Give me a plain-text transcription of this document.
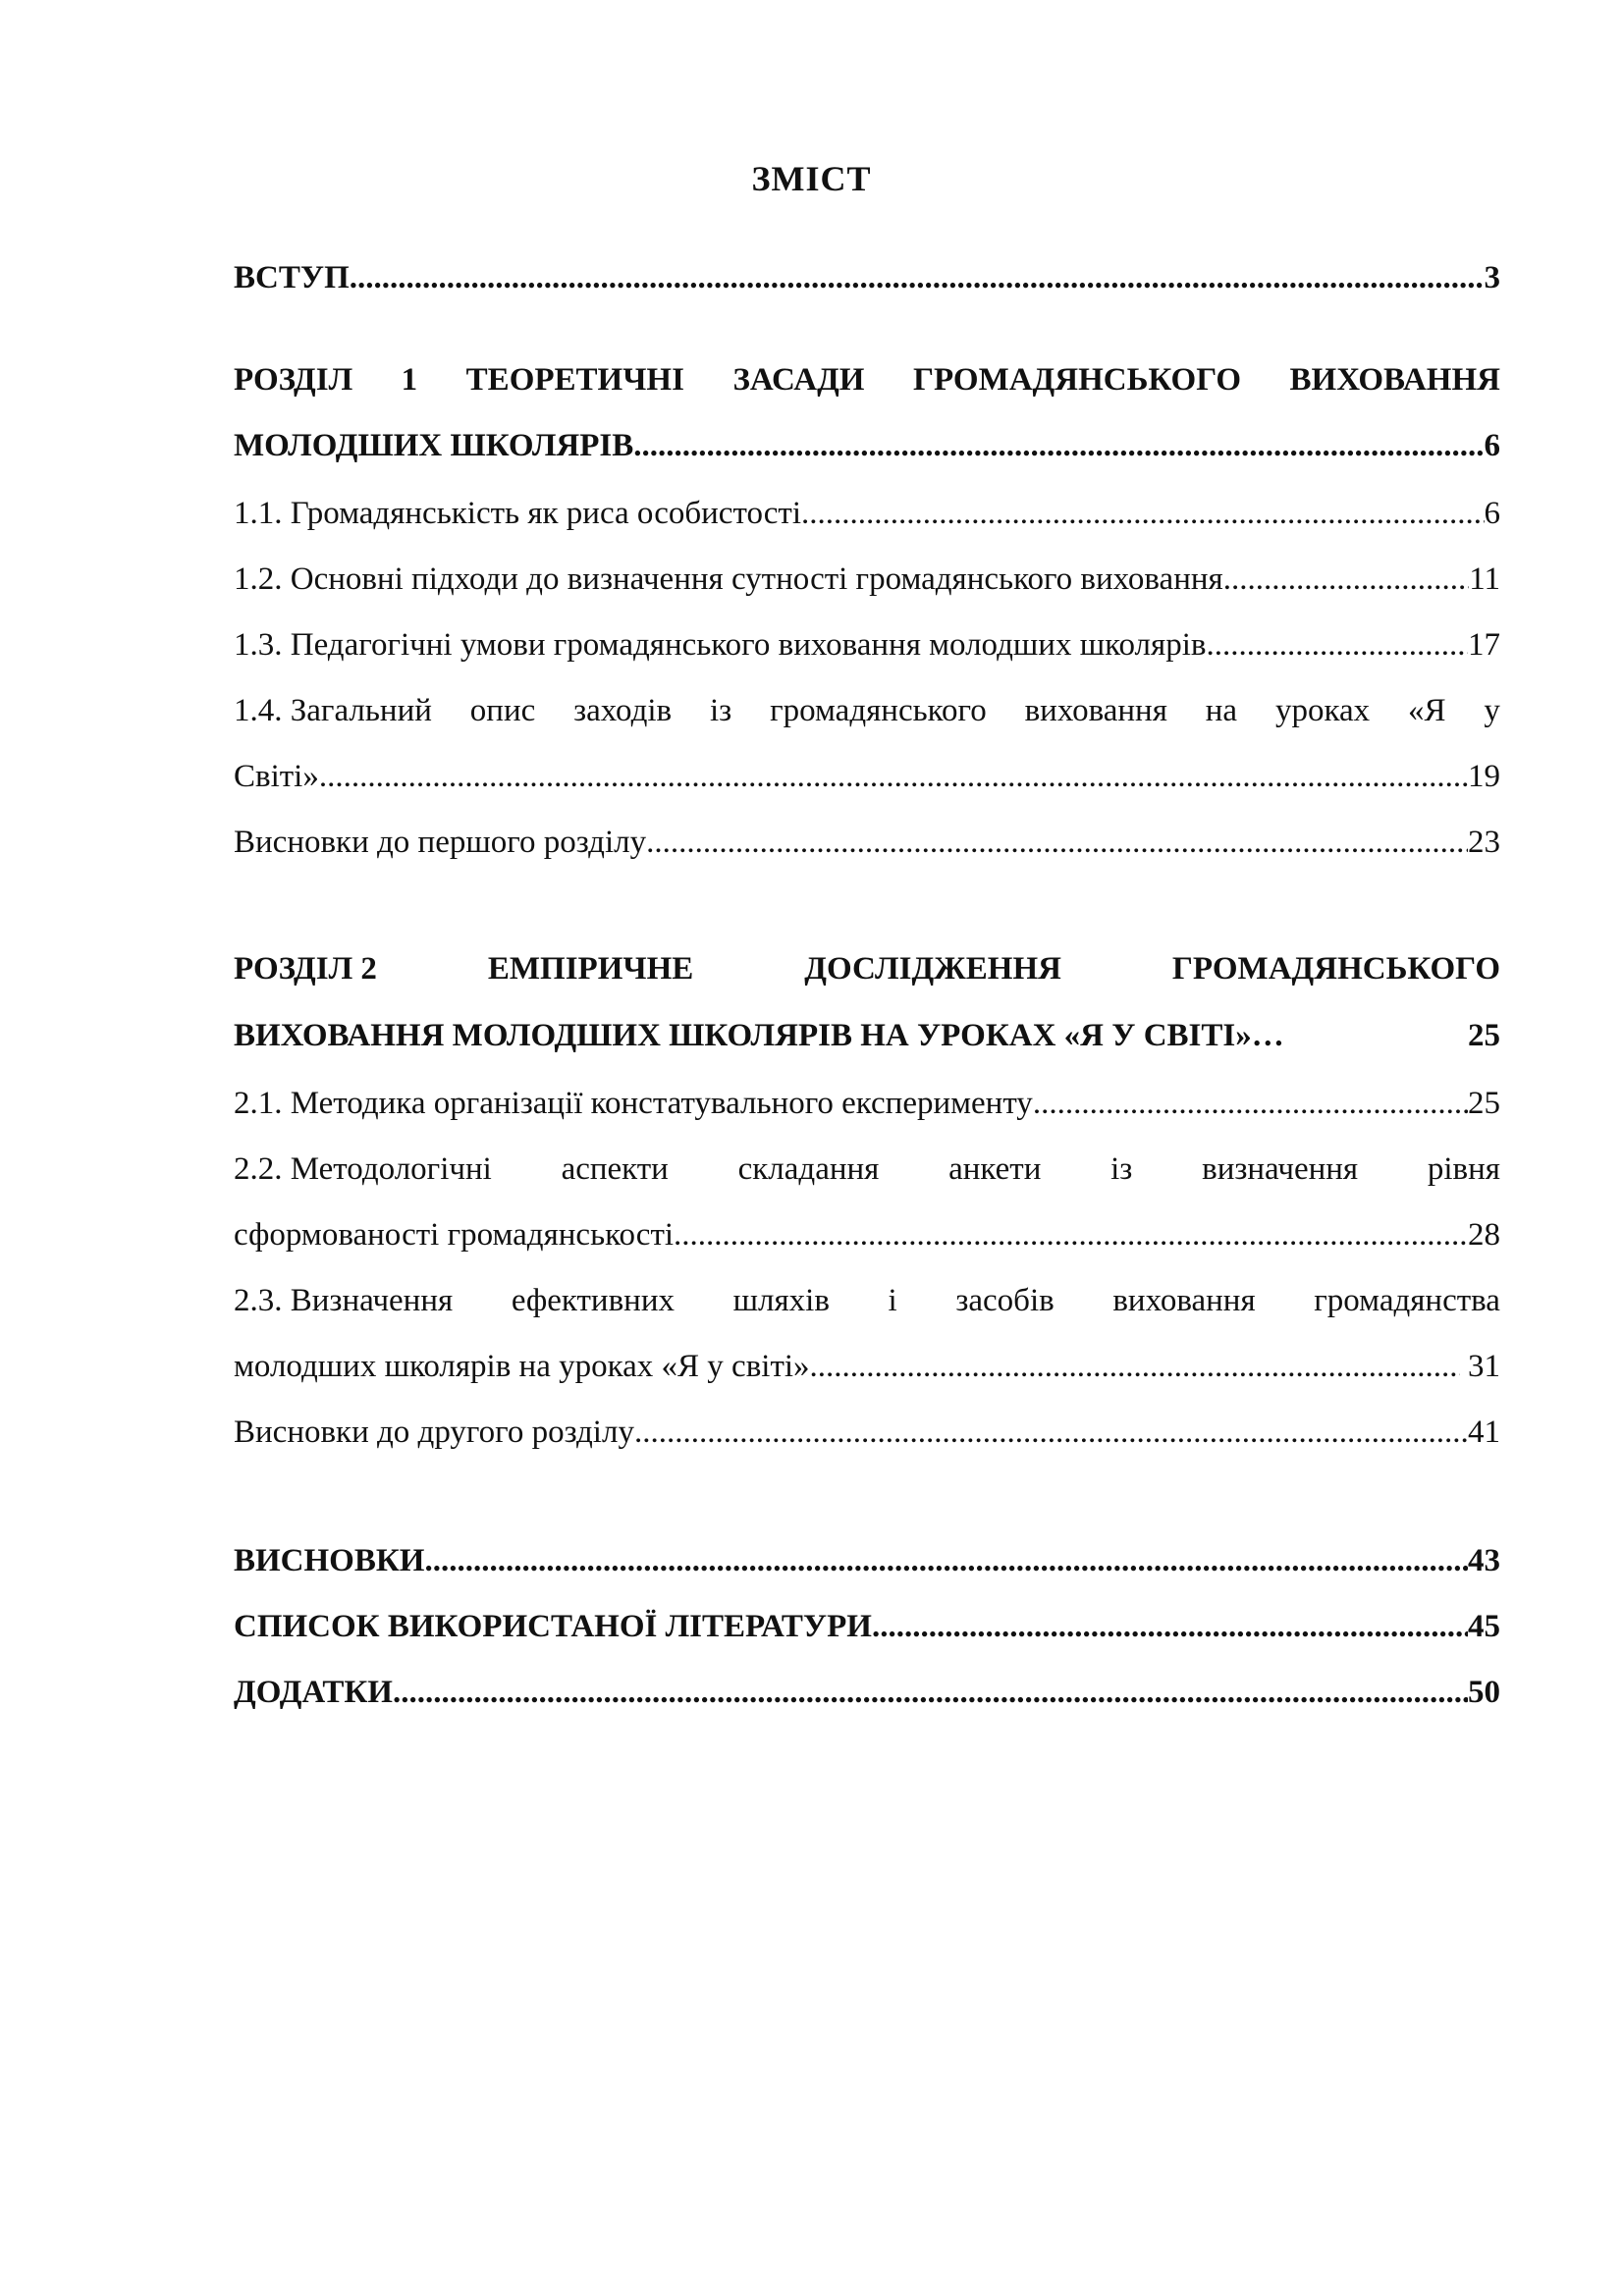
ЗМІСТ
ВСТУП .....	3
РОЗДІЛ 1 ТЕОРЕТИЧНІ ЗАСАДИ ГРОМАДЯНСЬКОГО ВИХОВАННЯ
МОЛОДШИХ ШКОЛЯРІВ .....	6
1.1. Громадянськість як риса особистості .....	6
1.2. Основні підходи до визначення сутності громадянського виховання .....	11
1.3. Педагогічні умови громадянського виховання молодших школярів .....	17
1.4. Загальний опис заходів із громадянського виховання на уроках «Я у
Світі» .....	19
Висновки до першого розділу .....	23
РОЗДІЛ 2	ЕМПІРИЧНЕ	ДОСЛІДЖЕННЯ	ГРОМАДЯНСЬКОГО
ВИХОВАННЯ МОЛОДШИХ ШКОЛЯРІВ НА УРОКАХ «Я У СВІТІ»…	25
2.1. Методика організації констатувального експерименту .....	25
2.2. Методологічні аспекти складання анкети із визначення рівня
сформованості громадянськості .....	28
2.3. Визначення ефективних шляхів і засобів виховання громадянства
молодших школярів на уроках «Я у світі» .....	31
Висновки до другого розділу .....	41
ВИСНОВКИ .....	43
СПИСОК ВИКОРИСТАНОЇ ЛІТЕРАТУРИ .....	45
ДОДАТКИ .....	50
